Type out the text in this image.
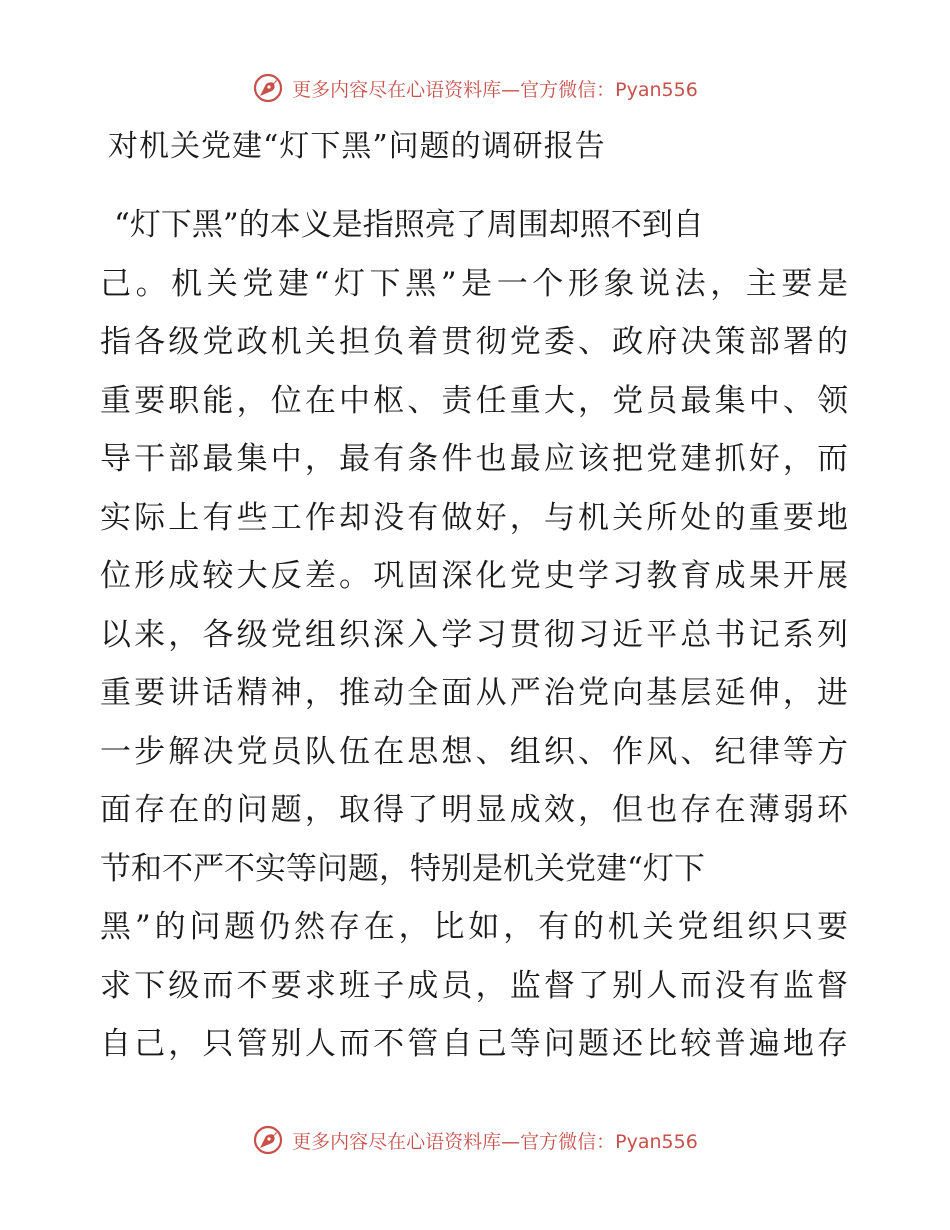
更多内容尽在心语资料库—官方微信：Pyan556
对机关党建“灯下黑”问题的调研报告
“灯下黑”的本义是指照亮了周围却照不到自
己。机关党建“灯下黑”是一个形象说法，主要是
指各级党政机关担负着贯彻党委、政府决策部署的
重要职能，位在中枢、责任重大，党员最集中、领
导干部最集中，最有条件也最应该把党建抓好，而
实际上有些工作却没有做好，与机关所处的重要地
位形成较大反差。巩固深化党史学习教育成果开展
以来，各级党组织深入学习贯彻习近平总书记系列
重要讲话精神，推动全面从严治党向基层延伸，进
一步解决党员队伍在思想、组织、作风、纪律等方
面存在的问题，取得了明显成效，但也存在薄弱环
节和不严不实等问题，特别是机关党建“灯下
黑”的问题仍然存在，比如，有的机关党组织只要
求下级而不要求班子成员，监督了别人而没有监督
自己，只管别人而不管自己等问题还比较普遍地存
更多内容尽在心语资料库—官方微信：Pyan556
